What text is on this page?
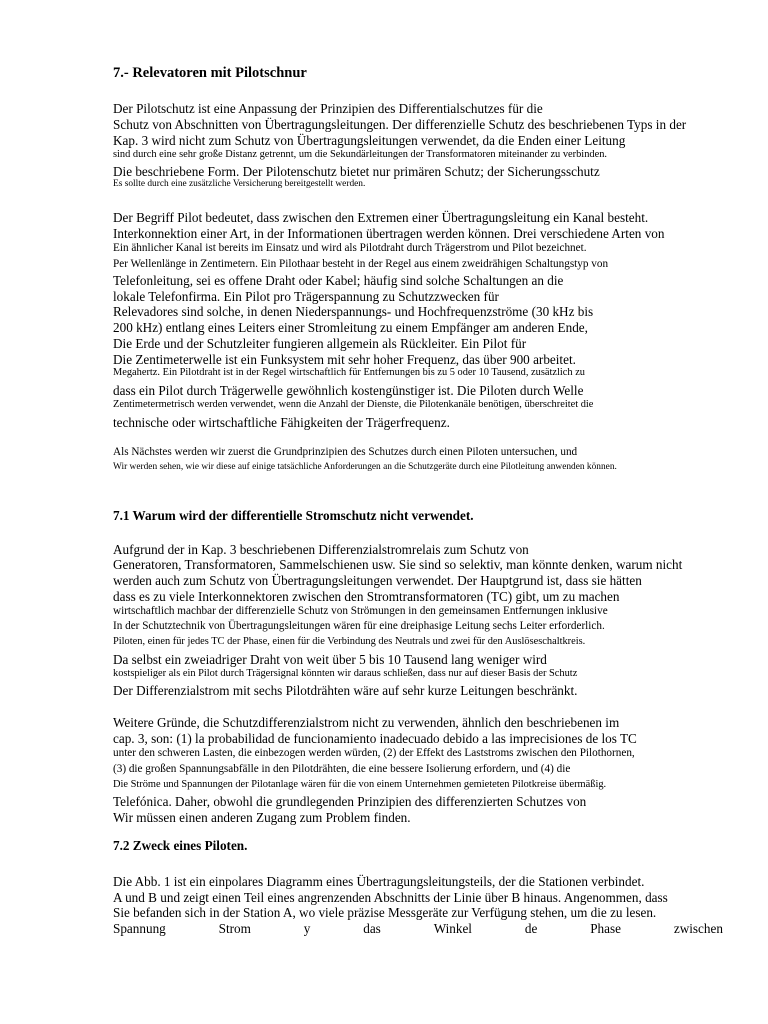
7.- Relevatoren mit Pilotschnur
Der Pilotschutz ist eine Anpassung der Prinzipien des Differentialschutzes für die
Schutz von Abschnitten von Übertragungsleitungen. Der differenzielle Schutz des beschriebenen Typs in der
Kap. 3 wird nicht zum Schutz von Übertragungsleitungen verwendet, da die Enden einer Leitung
sind durch eine sehr große Distanz getrennt, um die Sekundärleitungen der Transformatoren miteinander zu verbinden.
Die beschriebene Form. Der Pilotenschutz bietet nur primären Schutz; der Sicherungsschutz
Es sollte durch eine zusätzliche Versicherung bereitgestellt werden.
Der Begriff Pilot bedeutet, dass zwischen den Extremen einer Übertragungsleitung ein Kanal besteht.
Interkonnektion einer Art, in der Informationen übertragen werden können. Drei verschiedene Arten von
Ein ähnlicher Kanal ist bereits im Einsatz und wird als Pilotdraht durch Trägerstrom und Pilot bezeichnet.
Per Wellenlänge in Zentimetern. Ein Pilothaar besteht in der Regel aus einem zweidrähigen Schaltungstyp von
Telefonleitung, sei es offene Draht oder Kabel; häufig sind solche Schaltungen an die
lokale Telefonfirma. Ein Pilot pro Trägerspannung zu Schutzzwecken für
Relevadores sind solche, in denen Niederspannungs- und Hochfrequenzströme (30 kHz bis
200 kHz) entlang eines Leiters einer Stromleitung zu einem Empfänger am anderen Ende,
Die Erde und der Schutzleiter fungieren allgemein als Rückleiter. Ein Pilot für
Die Zentimeterwelle ist ein Funksystem mit sehr hoher Frequenz, das über 900 arbeitet.
Megahertz. Ein Pilotdraht ist in der Regel wirtschaftlich für Entfernungen bis zu 5 oder 10 Tausend, zusätzlich zu
dass ein Pilot durch Trägerwelle gewöhnlich kostengünstiger ist. Die Piloten durch Welle
Zentimetermetrisch werden verwendet, wenn die Anzahl der Dienste, die Pilotenkanäle benötigen, überschreitet die
technische oder wirtschaftliche Fähigkeiten der Trägerfrequenz.
Als Nächstes werden wir zuerst die Grundprinzipien des Schutzes durch einen Piloten untersuchen, und
Wir werden sehen, wie wir diese auf einige tatsächliche Anforderungen an die Schutzgeräte durch eine Pilotleitung anwenden können.
7.1 Warum wird der differentielle Stromschutz nicht verwendet.
Aufgrund der in Kap. 3 beschriebenen Differenzialstromrelais zum Schutz von
Generatoren, Transformatoren, Sammelschienen usw. Sie sind so selektiv, man könnte denken, warum nicht
werden auch zum Schutz von Übertragungsleitungen verwendet. Der Hauptgrund ist, dass sie hätten
dass es zu viele Interkonnektoren zwischen den Stromtransformatoren (TC) gibt, um zu machen
wirtschaftlich machbar der differenzielle Schutz von Strömungen in den gemeinsamen Entfernungen inklusive
In der Schutztechnik von Übertragungsleitungen wären für eine dreiphasige Leitung sechs Leiter erforderlich.
Piloten, einen für jedes TC der Phase, einen für die Verbindung des Neutrals und zwei für den Auslöseschaltkreis.
Da selbst ein zweiadriger Draht von weit über 5 bis 10 Tausend lang weniger wird
kostspieliger als ein Pilot durch Trägersignal könnten wir daraus schließen, dass nur auf dieser Basis der Schutz
Der Differenzialstrom mit sechs Pilotdrähten wäre auf sehr kurze Leitungen beschränkt.
Weitere Gründe, die Schutzdifferenzialstrom nicht zu verwenden, ähnlich den beschriebenen im
cap. 3, son: (1) la probabilidad de funcionamiento inadecuado debido a las imprecisiones de los TC
unter den schweren Lasten, die einbezogen werden würden, (2) der Effekt des Laststroms zwischen den Pilothornen,
(3) die großen Spannungsabfälle in den Pilotdrähten, die eine bessere Isolierung erfordern, und (4) die
Die Ströme und Spannungen der Pilotanlage wären für die von einem Unternehmen gemieteten Pilotkreise übermäßig.
Telefónica. Daher, obwohl die grundlegenden Prinzipien des differenzierten Schutzes von
Wir müssen einen anderen Zugang zum Problem finden.
7.2 Zweck eines Piloten.
Die Abb. 1 ist ein einpolares Diagramm eines Übertragungsleitungsteils, der die Stationen verbindet.
A und B und zeigt einen Teil eines angrenzenden Abschnitts der Linie über B hinaus. Angenommen, dass
Sie befanden sich in der Station A, wo viele präzise Messgeräte zur Verfügung stehen, um die zu lesen.
Spannung	Strom	y	das	Winkel	de	Phase	zwischen
